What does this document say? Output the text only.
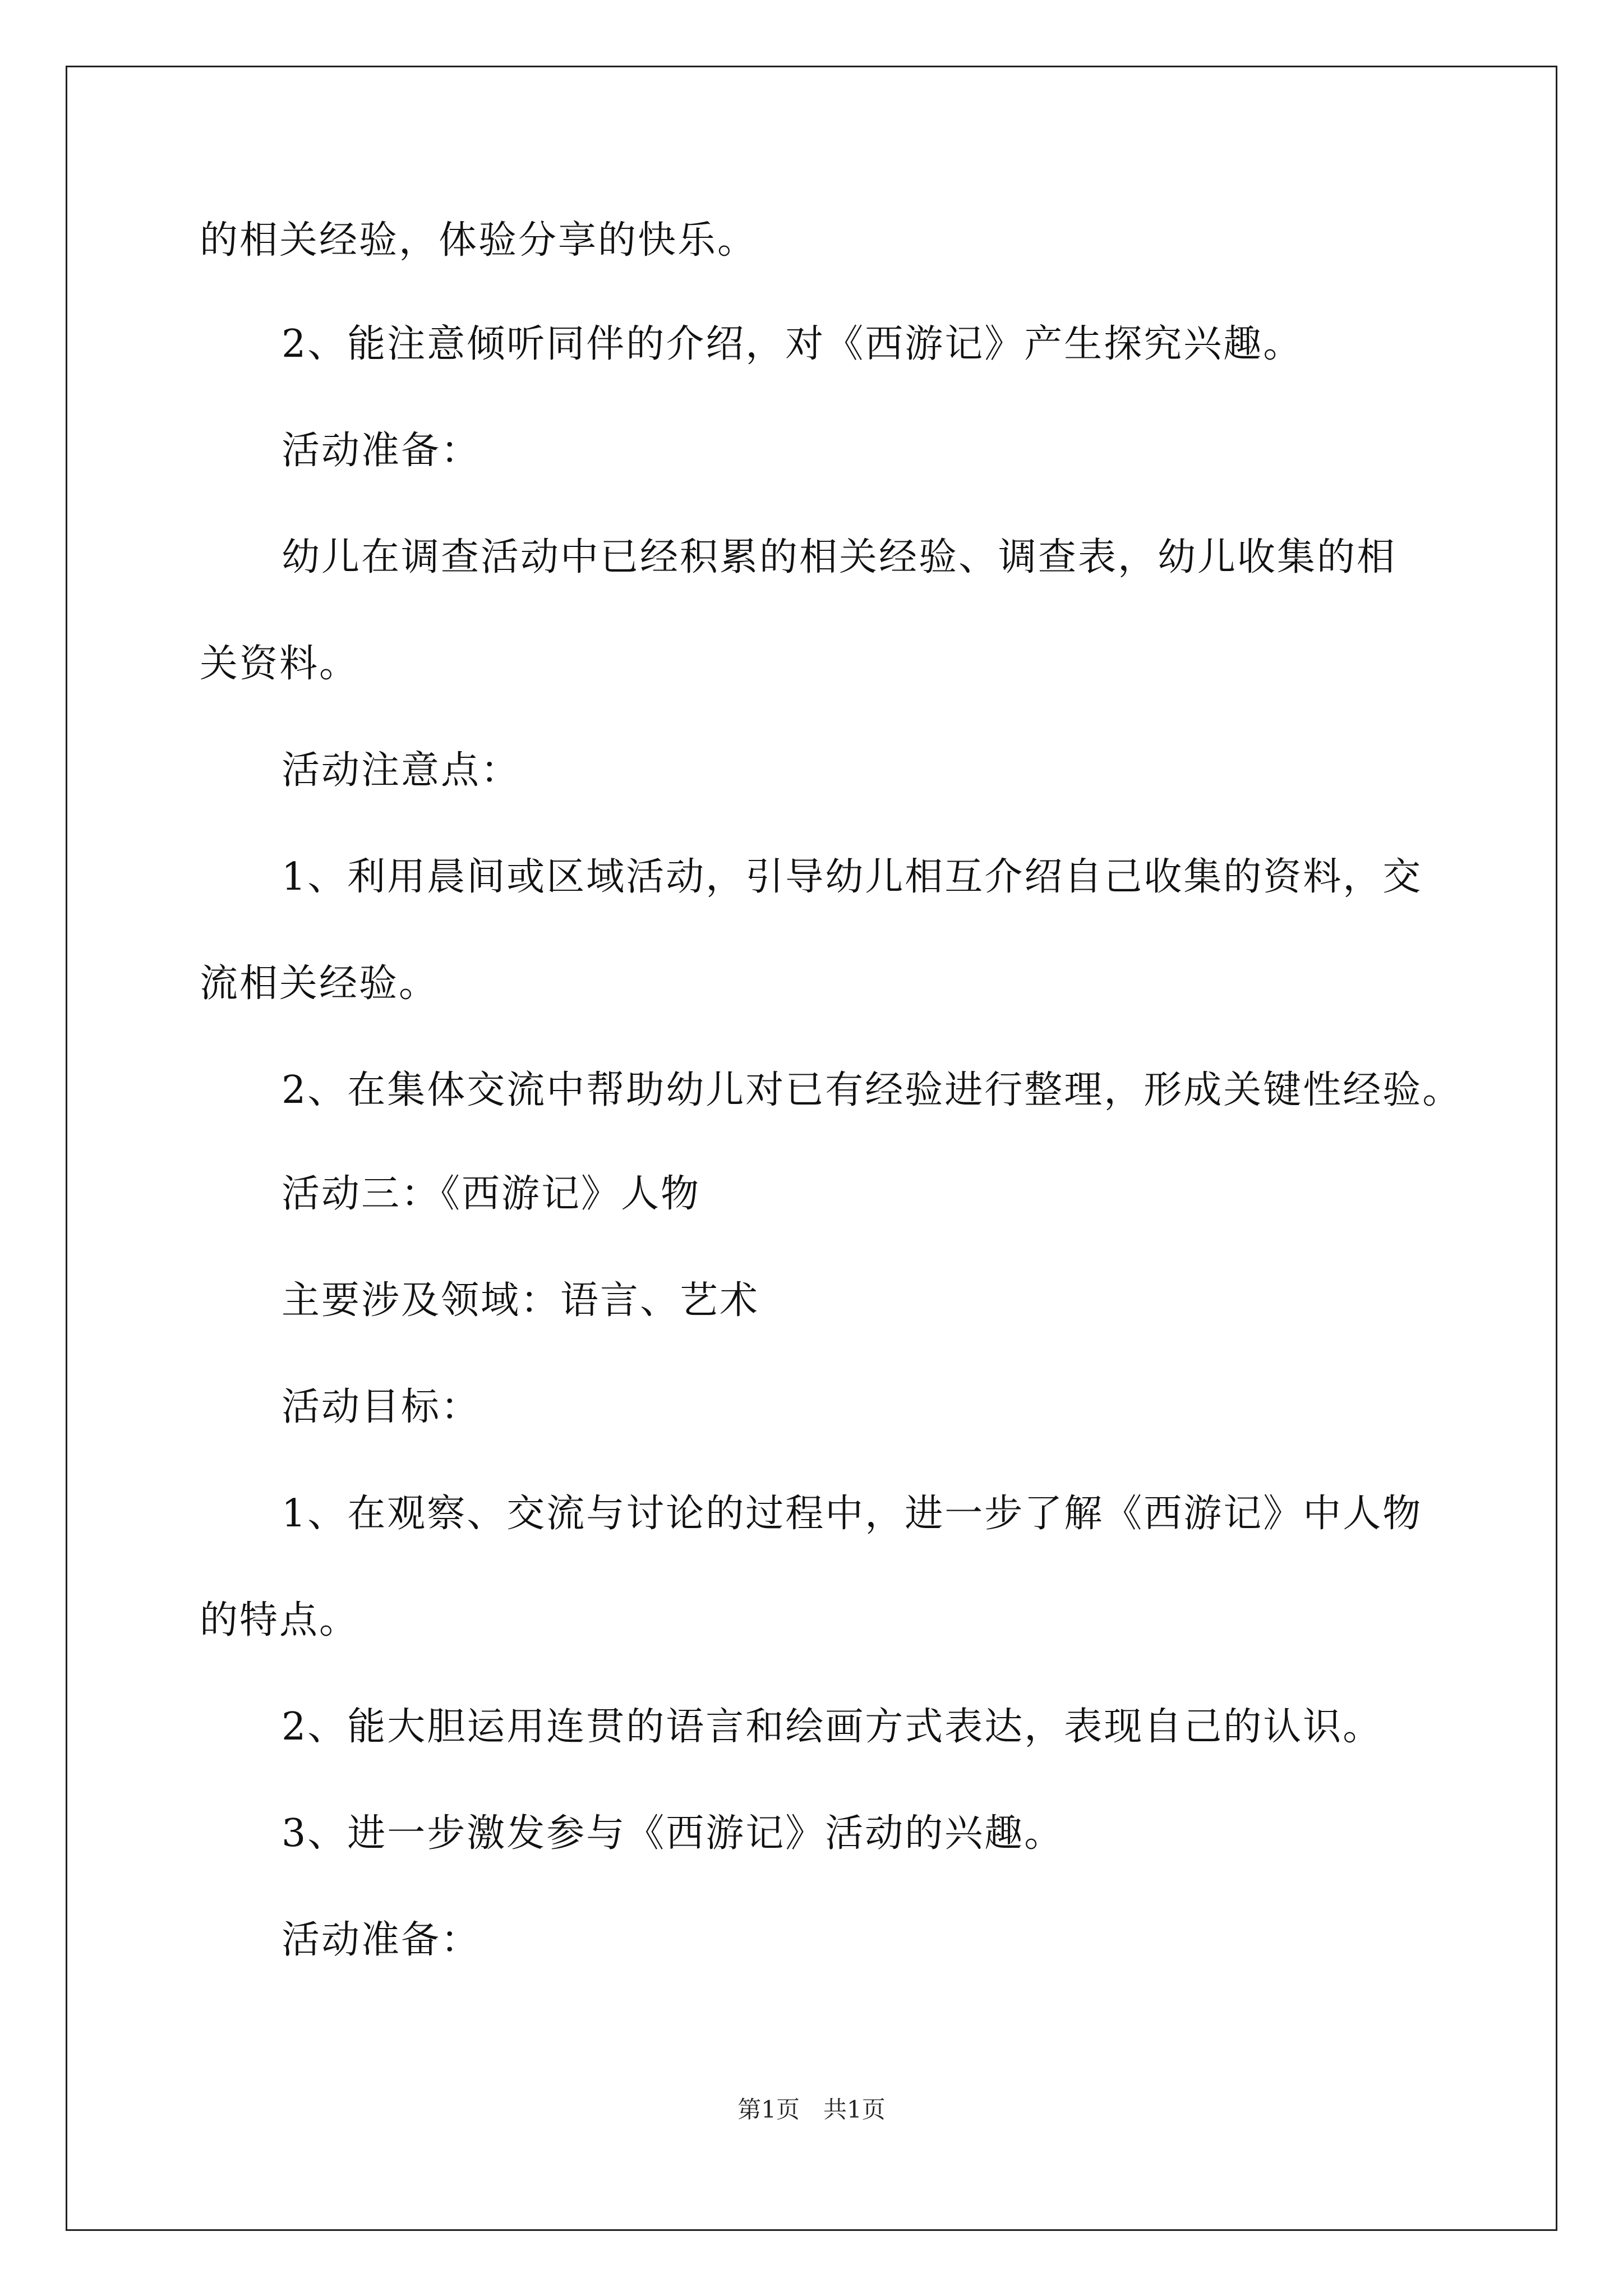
的相关经验，体验分享的快乐。
2、能注意倾听同伴的介绍，对《西游记》产生探究兴趣。
活动准备：
幼儿在调查活动中已经积累的相关经验、调查表，幼儿收集的相
关资料。
活动注意点：
1、利用晨间或区域活动，引导幼儿相互介绍自己收集的资料，交
流相关经验。
2、在集体交流中帮助幼儿对已有经验进行整理，形成关键性经验。
活动三：《西游记》人物
主要涉及领域：语言、艺术
活动目标：
1、在观察、交流与讨论的过程中，进一步了解《西游记》中人物
的特点。
2、能大胆运用连贯的语言和绘画方式表达，表现自己的认识。
3、进一步激发参与《西游记》活动的兴趣。
活动准备：
第1页　共1页
